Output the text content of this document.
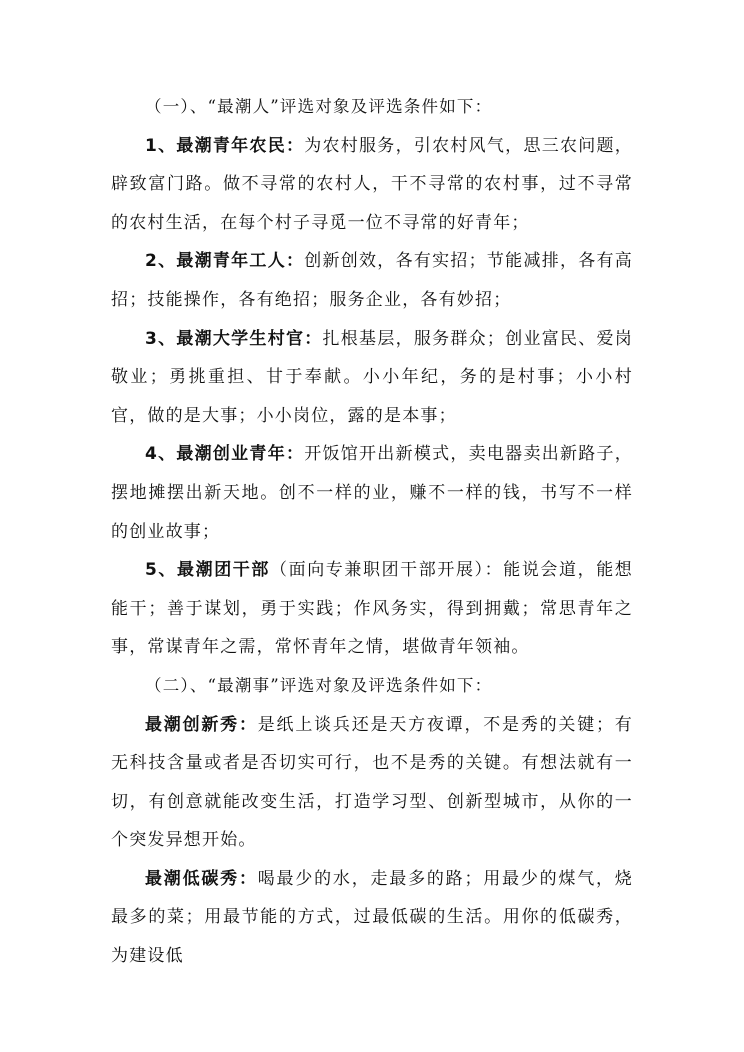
（一）、“最潮人”评选对象及评选条件如下：

1、最潮青年农民：为农村服务，引农村风气，思三农问题，辟致富门路。做不寻常的农村人，干不寻常的农村事，过不寻常的农村生活，在每个村子寻觅一位不寻常的好青年；

2、最潮青年工人：创新创效，各有实招；节能减排，各有高招；技能操作，各有绝招；服务企业，各有妙招；

3、最潮大学生村官：扎根基层，服务群众；创业富民、爱岗敬业；勇挑重担、甘于奉献。小小年纪，务的是村事；小小村官，做的是大事；小小岗位，露的是本事；

4、最潮创业青年：开饭馆开出新模式，卖电器卖出新路子，摆地摊摆出新天地。创不一样的业，赚不一样的钱，书写不一样的创业故事；

5、最潮团干部（面向专兼职团干部开展）：能说会道，能想能干；善于谋划，勇于实践；作风务实，得到拥戴；常思青年之事，常谋青年之需，常怀青年之情，堪做青年领袖。

（二）、“最潮事”评选对象及评选条件如下：

最潮创新秀：是纸上谈兵还是天方夜谭，不是秀的关键；有无科技含量或者是否切实可行，也不是秀的关键。有想法就有一切，有创意就能改变生活，打造学习型、创新型城市，从你的一个突发异想开始。

最潮低碳秀：喝最少的水，走最多的路；用最少的煤气，烧最多的菜；用最节能的方式，过最低碳的生活。用你的低碳秀，为建设低
